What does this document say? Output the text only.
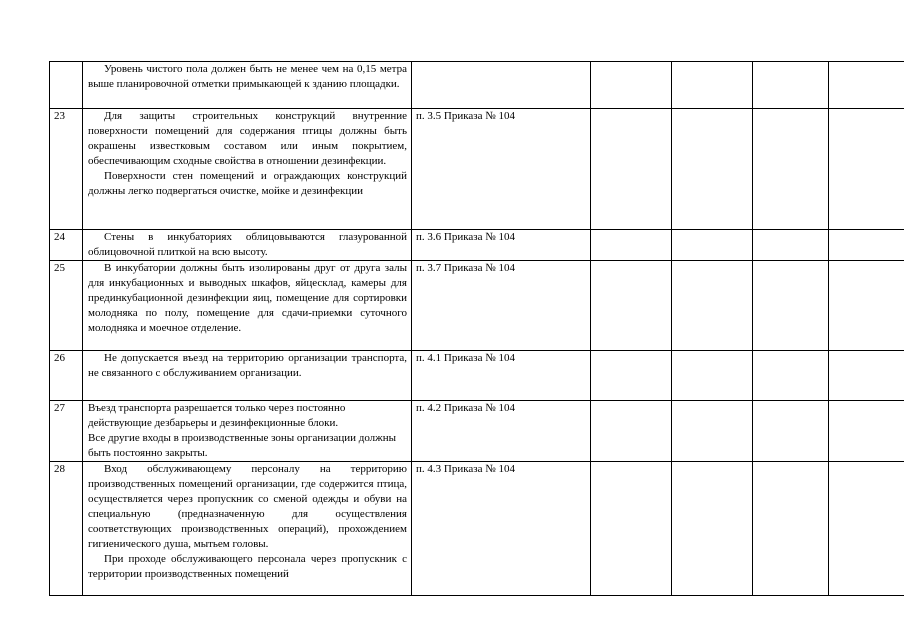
	Уровень чистого пола должен быть не менее чем на 0,15 метра выше планировочной отметки примыкающей к зданию площадки.					

23	Для защиты строительных конструкций внутренние поверхности помещений для содержания птицы должны быть окрашены известковым составом или иным покрытием, обеспечивающим сходные свойства в отношении дезинфекции.
Поверхности стен помещений и ограждающих конструкций должны легко подвергаться очистке, мойке и дезинфекции	п. 3.5 Приказа № 104				
24	Стены в инкубаториях облицовываются глазурованной облицовочной плиткой на всю высоту.	п. 3.6 Приказа № 104				
25	В инкубатории должны быть изолированы друг от друга залы для инкубационных и выводных шкафов, яйцесклад, камеры для прединкубационной дезинфекции яиц, помещение для сортировки молодняка по полу, помещение для сдачи-приемки суточного молодняка и моечное отделение.	п. 3.7 Приказа № 104				
26	Не допускается въезд на территорию организации транспорта, не связанного с обслуживанием организации.	п. 4.1 Приказа № 104				
27	Въезд транспорта разрешается только через постоянно действующие дезбарьеры и дезинфекционные блоки.
Все другие входы в производственные зоны организации должны быть постоянно закрыты.	п. 4.2 Приказа № 104				
28	Вход обслуживающему персоналу на территорию производственных помещений организации, где содержится птица, осуществляется через пропускник со сменой одежды и обуви на специальную (предназначенную для осуществления соответствующих производственных операций), прохождением гигиенического душа, мытьем головы.
При проходе обслуживающего персонала через пропускник с территории производственных помещений	п. 4.3 Приказа № 104				
